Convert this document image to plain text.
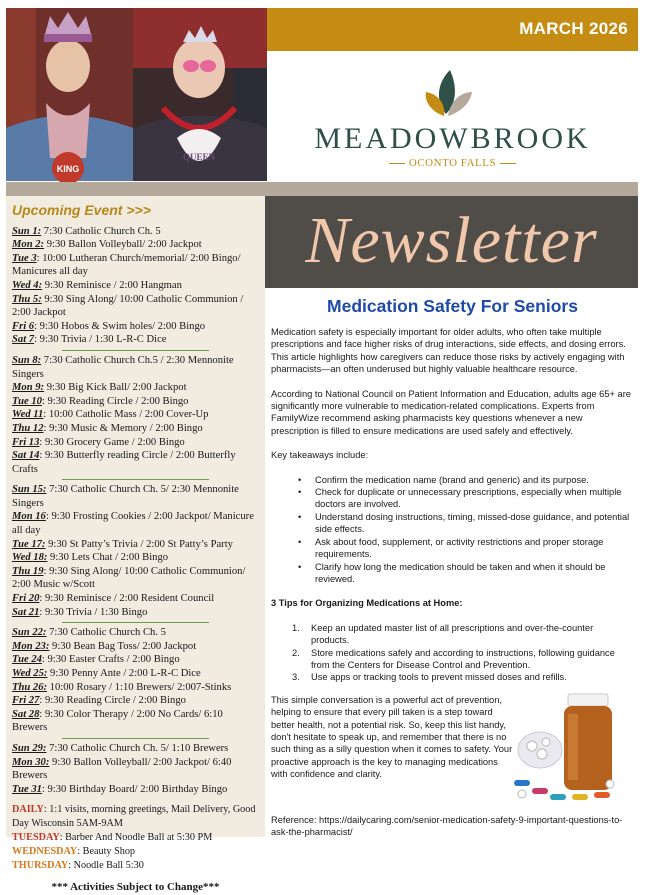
KING
QUEEN
MARCH 2026
MEADOWBROOK
OCONTO FALLS
Upcoming Event >>>
Sun 1: 7:30 Catholic Church Ch. 5
Mon 2: 9:30 Ballon Volleyball/ 2:00 Jackpot
Tue 3: 10:00 Lutheran Church/memorial/ 2:00 Bingo/ Manicures all day
Wed 4: 9:30 Reminisce / 2:00 Hangman
Thu 5: 9:30 Sing Along/ 10:00 Catholic Communion / 2:00 Jackpot
Fri 6: 9:30 Hobos & Swim holes/ 2:00 Bingo
Sat 7: 9:30 Trivia / 1:30 L-R-C Dice
Sun 8: 7:30 Catholic Church Ch.5 / 2:30 Mennonite Singers
Mon 9: 9:30 Big Kick Ball/ 2:00 Jackpot
Tue 10: 9:30 Reading Circle / 2:00 Bingo
Wed 11: 10:00 Catholic Mass / 2:00 Cover-Up
Thu 12: 9:30 Music & Memory / 2:00 Bingo
Fri 13: 9:30 Grocery Game / 2:00 Bingo
Sat 14: 9:30 Butterfly reading Circle / 2:00 Butterfly Crafts
Sun 15: 7:30 Catholic Church Ch. 5/ 2:30 Mennonite Singers
Mon 16: 9:30 Frosting Cookies / 2:00 Jackpot/ Manicure all day
Tue 17: 9:30 St Patty’s Trivia / 2:00 St Patty’s Party
Wed 18: 9:30 Lets Chat / 2:00 Bingo
Thu 19: 9:30 Sing Along/ 10:00 Catholic Communion/ 2:00 Music w/Scott
Fri 20: 9:30 Reminisce / 2:00 Resident Council
Sat 21: 9:30 Trivia / 1:30 Bingo
Sun 22: 7:30 Catholic Church Ch. 5
Mon 23: 9:30 Bean Bag Toss/ 2:00 Jackpot
Tue 24: 9:30 Easter Crafts / 2:00 Bingo
Wed 25: 9:30 Penny Ante / 2:00 L-R-C Dice
Thu 26: 10:00 Rosary / 1:10 Brewers/ 2:007-Stinks
Fri 27: 9:30 Reading Circle / 2:00 Bingo
Sat 28: 9:30 Color Therapy / 2:00 No Cards/ 6:10 Brewers
Sun 29: 7:30 Catholic Church Ch. 5/ 1:10 Brewers
Mon 30: 9:30 Ballon Volleyball/ 2:00 Jackpot/ 6:40 Brewers
Tue 31: 9:30 Birthday Board/ 2:00 Birthday Bingo
DAILY: 1:1 visits, morning greetings, Mail Delivery, Good Day Wisconsin 5AM-9AM
TUESDAY: Barber And Noodle Ball at 5:30 PM
WEDNESDAY: Beauty Shop
THURSDAY: Noodle Ball 5:30
*** Activities Subject to Change***
Newsletter
Medication Safety For Seniors

Medication safety is especially important for older adults, who often take multiple prescriptions and face higher risks of drug interactions, side effects, and dosing errors. This article highlights how caregivers can reduce those risks by actively engaging with pharmacists—an often underused but highly valuable healthcare resource.

According to National Council on Patient Information and Education, adults age 65+ are significantly more vulnerable to medication-related complications. Experts from FamilyWize recommend asking pharmacists key questions whenever a new prescription is filled to ensure medications are used safely and effectively.

Key takeaways include:

• Confirm the medication name (brand and generic) and its purpose.
• Check for duplicate or unnecessary prescriptions, especially when multiple doctors are involved.
• Understand dosing instructions, timing, missed-dose guidance, and potential side effects.
• Ask about food, supplement, or activity restrictions and proper storage requirements.
• Clarify how long the medication should be taken and when it should be reviewed.

3 Tips for Organizing Medications at Home:

1. Keep an updated master list of all prescriptions and over-the-counter products.
2. Store medications safely and according to instructions, following guidance from the Centers for Disease Control and Prevention.
3. Use apps or tracking tools to prevent missed doses and refills.

This simple conversation is a powerful act of prevention, helping to ensure that every pill taken is a step toward better health, not a potential risk. So, keep this list handy, don't hesitate to speak up, and remember that there is no such thing as a silly question when it comes to safety. Your proactive approach is the key to managing medications with confidence and clarity.

Reference: https://dailycaring.com/senior-medication-safety-9-important-questions-to-ask-the-pharmacist/
